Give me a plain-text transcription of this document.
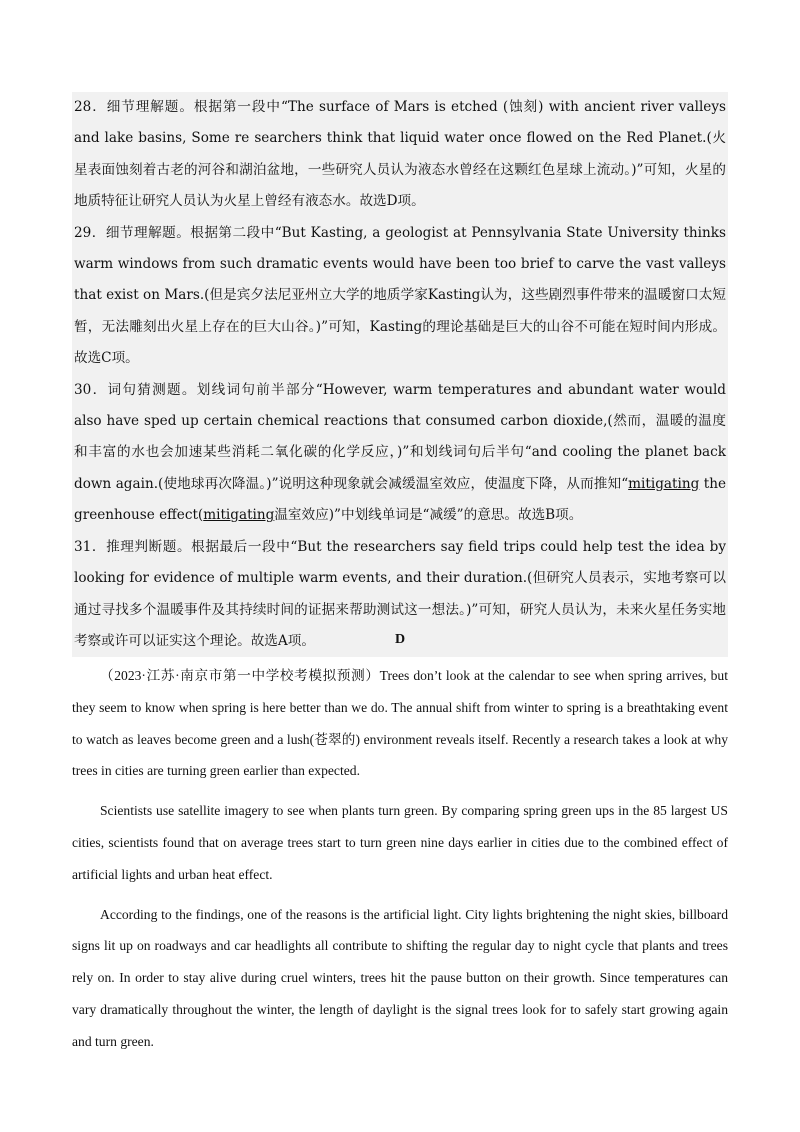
28．细节理解题。根据第一段中“The surface of Mars is etched (蚀刻) with ancient river valleys and lake basins, Some re searchers think that liquid water once flowed on the Red Planet.(火星表面蚀刻着古老的河谷和湖泊盆地，一些研究人员认为液态水曾经在这颗红色星球上流动。)”可知，火星的地质特征让研究人员认为火星上曾经有液态水。故选D项。

29．细节理解题。根据第二段中“But Kasting, a geologist at Pennsylvania State University thinks warm windows from such dramatic events would have been too brief to carve the vast valleys that exist on Mars.(但是宾夕法尼亚州立大学的地质学家Kasting认为，这些剧烈事件带来的温暖窗口太短暂，无法雕刻出火星上存在的巨大山谷。)”可知，Kasting的理论基础是巨大的山谷不可能在短时间内形成。故选C项。

30．词句猜测题。划线词句前半部分“However, warm temperatures and abundant water would also have sped up certain chemical reactions that consumed carbon dioxide,(然而，温暖的温度和丰富的水也会加速某些消耗二氧化碳的化学反应，)”和划线词句后半句“and cooling the planet back down again.(使地球再次降温。)”说明这种现象就会减缓温室效应，使温度下降，从而推知“mitigating the greenhouse effect(mitigating温室效应)”中划线单词是“减缓”的意思。故选B项。

31．推理判断题。根据最后一段中“But the researchers say field trips could help test the idea by looking for evidence of multiple warm events, and their duration.(但研究人员表示，实地考察可以通过寻找多个温暖事件及其持续时间的证据来帮助测试这一想法。)”可知，研究人员认为，未来火星任务实地考察或许可以证实这个理论。故选A项。	D

（2023·江苏·南京市第一中学校考模拟预测）Trees don’t look at the calendar to see when spring arrives, but they seem to know when spring is here better than we do. The annual shift from winter to spring is a breathtaking event to watch as leaves become green and a lush(苍翠的) environment reveals itself. Recently a research takes a look at why trees in cities are turning green earlier than expected.

Scientists use satellite imagery to see when plants turn green. By comparing spring green ups in the 85 largest US cities, scientists found that on average trees start to turn green nine days earlier in cities due to the combined effect of artificial lights and urban heat effect.

According to the findings, one of the reasons is the artificial light. City lights brightening the night skies, billboard signs lit up on roadways and car headlights all contribute to shifting the regular day to night cycle that plants and trees rely on. In order to stay alive during cruel winters, trees hit the pause button on their growth. Since temperatures can vary dramatically throughout the winter, the length of daylight is the signal trees look for to safely start growing again and turn green.
